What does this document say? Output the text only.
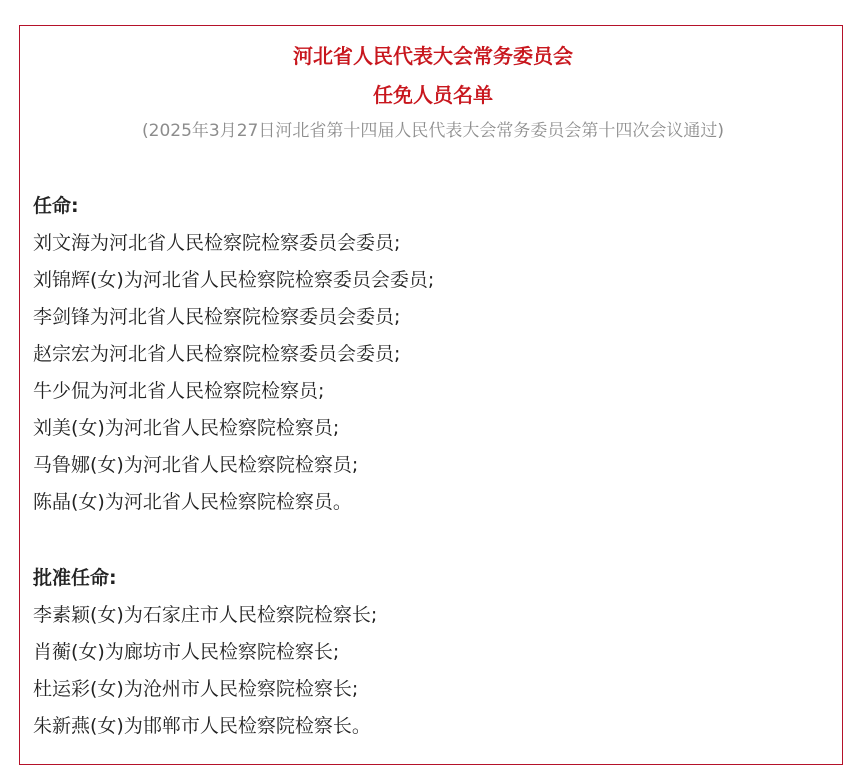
河北省人民代表大会常务委员会
任免人员名单
(2025年3月27日河北省第十四届人民代表大会常务委员会第十四次会议通过)
任命:
刘文海为河北省人民检察院检察委员会委员;
刘锦辉(女)为河北省人民检察院检察委员会委员;
李剑锋为河北省人民检察院检察委员会委员;
赵宗宏为河北省人民检察院检察委员会委员;
牛少侃为河北省人民检察院检察员;
刘美(女)为河北省人民检察院检察员;
马鲁娜(女)为河北省人民检察院检察员;
陈晶(女)为河北省人民检察院检察员。
批准任命:
李素颖(女)为石家庄市人民检察院检察长;
肖蘅(女)为廊坊市人民检察院检察长;
杜运彩(女)为沧州市人民检察院检察长;
朱新燕(女)为邯郸市人民检察院检察长。
